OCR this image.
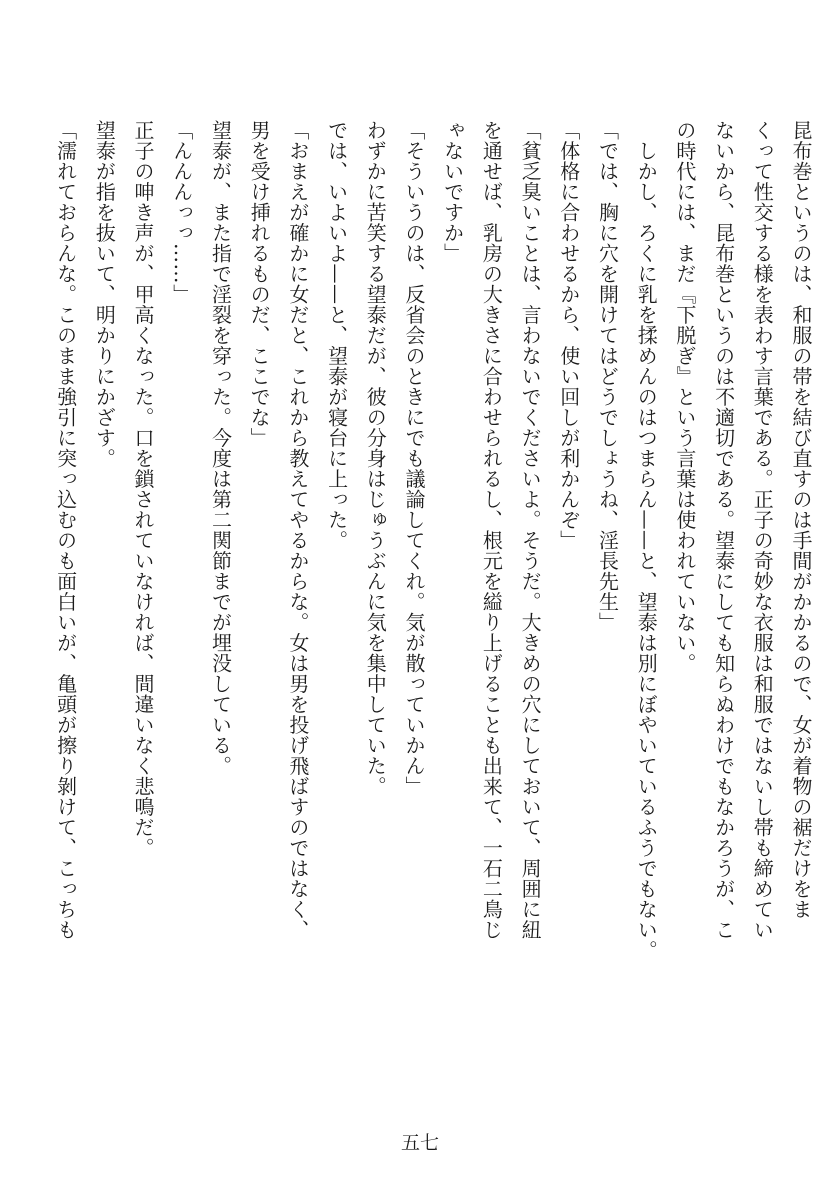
昆布巻というのは、和服の帯を結び直すのは手間がかかるので、女が着物の裾だけをま
くって性交する様を表わす言葉である。正子の奇妙な衣服は和服ではないし帯も締めてい
ないから、昆布巻というのは不適切である。望泰にしても知らぬわけでもなかろうが、こ
の時代には、まだ『下脱ぎ』という言葉は使われていない。
　しかし、ろくに乳を揉めんのはつまらん——と、望泰は別にぼやいているふうでもない。
「では、胸に穴を開けてはどうでしょうね、淫長先生」
「体格に合わせるから、使い回しが利かんぞ」
「貧乏臭いことは、言わないでくださいよ。そうだ。大きめの穴にしておいて、周囲に紐
を通せば、乳房の大きさに合わせられるし、根元を縊り上げることも出来て、一石二鳥じ
ゃないですか」
「そういうのは、反省会のときにでも議論してくれ。気が散っていかん」
わずかに苦笑する望泰だが、彼の分身はじゅうぶんに気を集中していた。
では、いよいよ——と、望泰が寝台に上った。
「おまえが確かに女だと、これから教えてやるからな。女は男を投げ飛ばすのではなく、
男を受け挿れるものだ、ここでな」
望泰が、また指で淫裂を穿った。今度は第二関節までが埋没している。
「んんんっっ……」
正子の呻き声が、甲高くなった。口を鎖されていなければ、間違いなく悲鳴だ。
望泰が指を抜いて、明かりにかざす。
「濡れておらんな。このまま強引に突っ込むのも面白いが、亀頭が擦り剝けて、こっちも
五七
